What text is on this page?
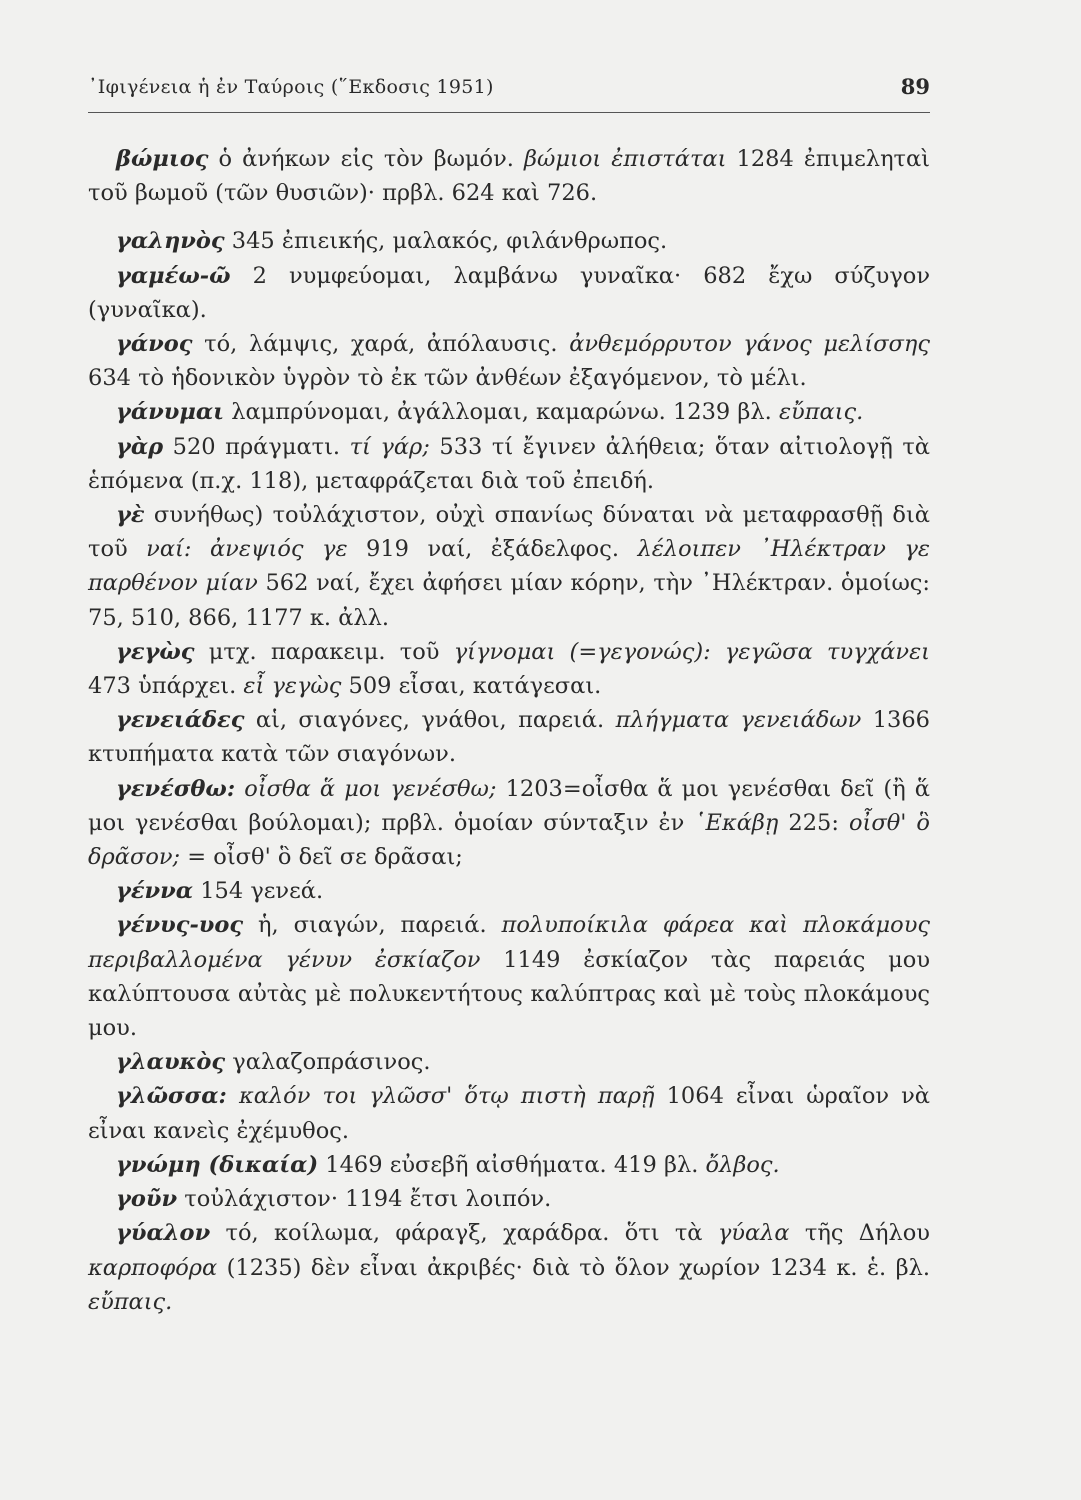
᾿Ιφιγένεια ἡ ἐν Ταύροις (῞Εκδοσις 1951)	89

βώμιος ὁ ἀνήκων εἰς τὸν βωμόν. βώμιοι ἐπιστάται 1284 ἐπιμεληταὶ τοῦ βωμοῦ (τῶν θυσιῶν)· πρβλ. 624 καὶ 726.

γαληνὸς 345 ἐπιεικής, μαλακός, φιλάνθρωπος.

γαμέω-ῶ 2 νυμφεύομαι, λαμβάνω γυναῖκα· 682 ἔχω σύζυγον (γυναῖκα).

γάνος τό, λάμψις, χαρά, ἀπόλαυσις. ἀνθεμόρρυτον γάνος μελίσσης 634 τὸ ἡδονικὸν ὑγρὸν τὸ ἐκ τῶν ἀνθέων ἐξαγόμενον, τὸ μέλι.

γάνυμαι λαμπρύνομαι, ἀγάλλομαι, καμαρώνω. 1239 βλ. εὔπαις.

γὰρ 520 πράγματι. τί γάρ; 533 τί ἔγινεν ἀλήθεια; ὅταν αἰτιολογῇ τὰ ἑπόμενα (π.χ. 118), μεταφράζεται διὰ τοῦ ἐπειδή.

γὲ συνήθως) τοὐλάχιστον, οὐχὶ σπανίως δύναται νὰ μεταφρασθῇ διὰ τοῦ ναί: ἀνεψιός γε 919 ναί, ἐξάδελφος. λέλοιπεν ᾿Ηλέκτραν γε παρθένον μίαν 562 ναί, ἔχει ἀφήσει μίαν κόρην, τὴν ᾿Ηλέκτραν. ὁμοίως: 75, 510, 866, 1177 κ. ἀλλ.

γεγὼς μτχ. παρακειμ. τοῦ γίγνομαι (=γεγονώς): γεγῶσα τυγχάνει 473 ὑπάρχει. εἶ γεγὼς 509 εἶσαι, κατάγεσαι.

γενειάδες αἱ, σιαγόνες, γνάθοι, παρειά. πλήγματα γενειάδων 1366 κτυπήματα κατὰ τῶν σιαγόνων.

γενέσθω: οἶσθα ἅ μοι γενέσθω; 1203=οἶσθα ἅ μοι γενέσθαι δεῖ (ἢ ἅ μοι γενέσθαι βούλομαι); πρβλ. ὁμοίαν σύνταξιν ἐν ῾Εκάβῃ 225: οἶσθ' ὃ δρᾶσον; = οἶσθ' ὃ δεῖ σε δρᾶσαι;

γέννα 154 γενεά.

γένυς-υος ἡ, σιαγών, παρειά. πολυποίκιλα φάρεα καὶ πλοκάμους περιβαλλομένα γένυν ἐσκίαζον 1149 ἐσκίαζον τὰς παρειάς μου καλύπτουσα αὐτὰς μὲ πολυκεντήτους καλύπτρας καὶ μὲ τοὺς πλοκάμους μου.

γλαυκὸς γαλαζοπράσινος.

γλῶσσα: καλόν τοι γλῶσσ' ὅτῳ πιστὴ παρῇ 1064 εἶναι ὡραῖον νὰ εἶναι κανεὶς ἐχέμυθος.

γνώμη (δικαία) 1469 εὐσεβῆ αἰσθήματα. 419 βλ. ὄλβος.

γοῦν τοὐλάχιστον· 1194 ἔτσι λοιπόν.

γύαλον τό, κοίλωμα, φάραγξ, χαράδρα. ὅτι τὰ γύαλα τῆς Δήλου καρποφόρα (1235) δὲν εἶναι ἀκριβές· διὰ τὸ ὅλον χωρίον 1234 κ. ἑ. βλ. εὔπαις.
